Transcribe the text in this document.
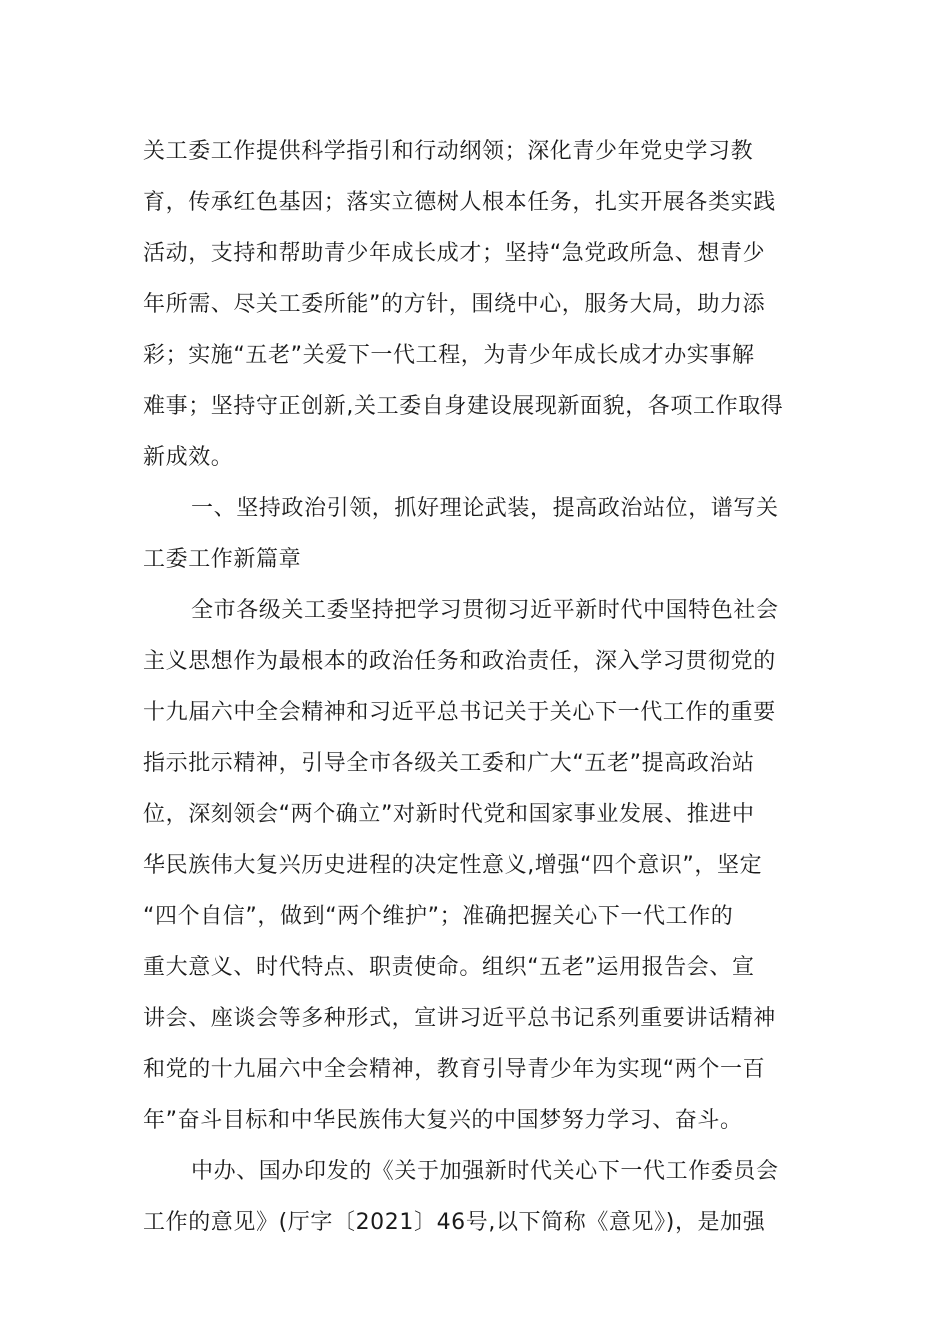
关工委工作提供科学指引和行动纲领；深化青少年党史学习教
育，传承红色基因；落实立德树人根本任务，扎实开展各类实践
活动，支持和帮助青少年成长成才；坚持“急党政所急、想青少
年所需、尽关工委所能”的方针，围绕中心，服务大局，助力添
彩；实施“五老”关爱下一代工程，为青少年成长成才办实事解
难事；坚持守正创新,关工委自身建设展现新面貌，各项工作取得
新成效。
一、坚持政治引领，抓好理论武装，提高政治站位，谱写关
工委工作新篇章
全市各级关工委坚持把学习贯彻习近平新时代中国特色社会
主义思想作为最根本的政治任务和政治责任，深入学习贯彻党的
十九届六中全会精神和习近平总书记关于关心下一代工作的重要
指示批示精神，引导全市各级关工委和广大“五老”提高政治站
位，深刻领会“两个确立”对新时代党和国家事业发展、推进中
华民族伟大复兴历史进程的决定性意义,增强“四个意识”，坚定
“四个自信”，做到“两个维护”；准确把握关心下一代工作的
重大意义、时代特点、职责使命。组织“五老”运用报告会、宣
讲会、座谈会等多种形式，宣讲习近平总书记系列重要讲话精神
和党的十九届六中全会精神，教育引导青少年为实现“两个一百
年”奋斗目标和中华民族伟大复兴的中国梦努力学习、奋斗。
中办、国办印发的《关于加强新时代关心下一代工作委员会
工作的意见》(厅字〔2021〕46号,以下简称《意见》)，是加强
